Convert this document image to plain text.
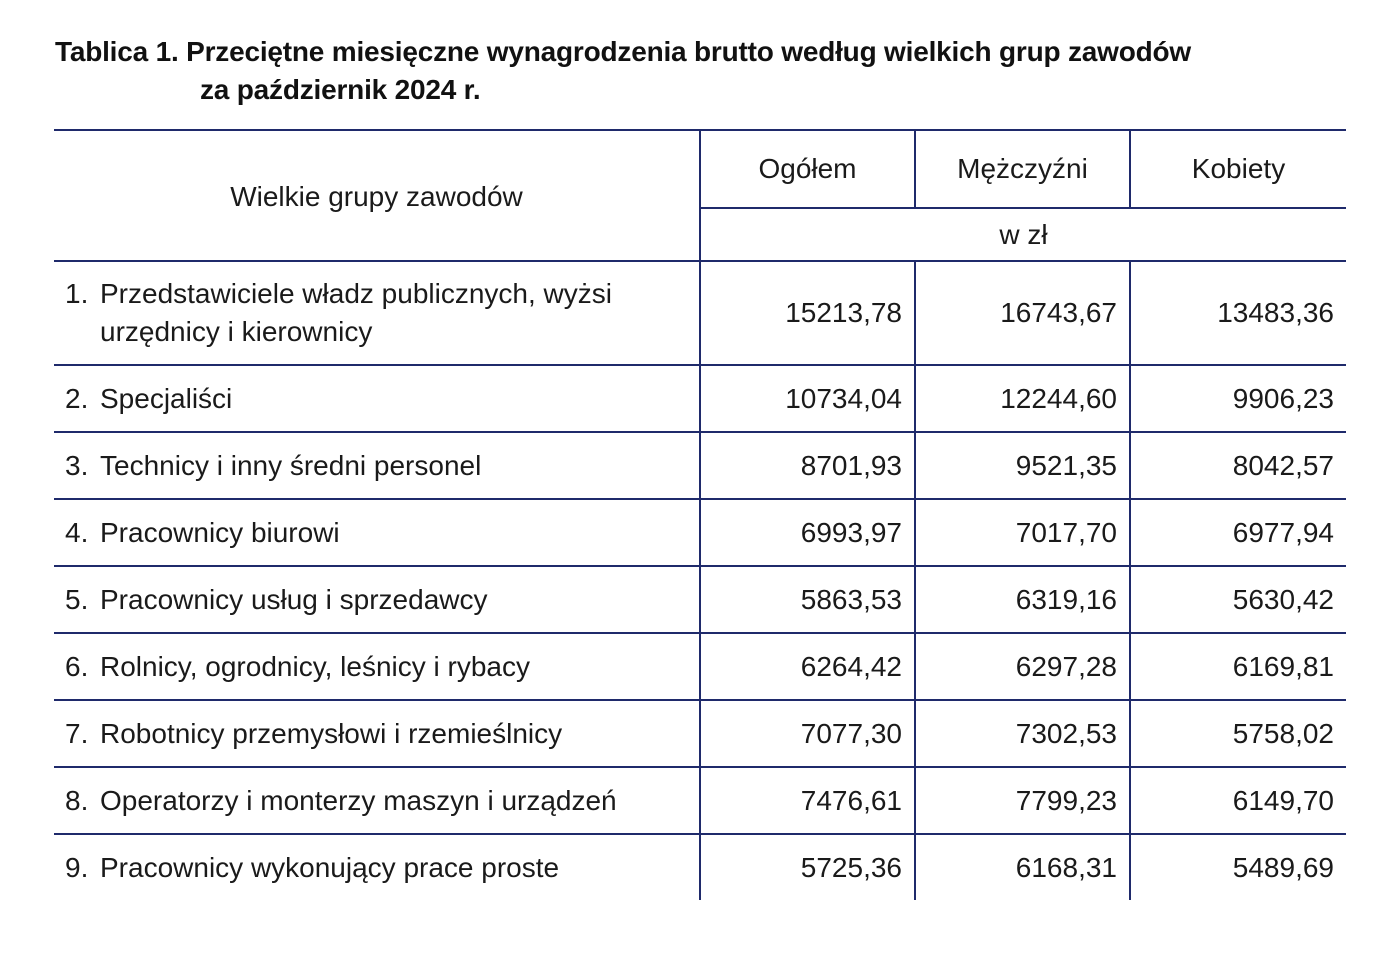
Tablica 1. Przeciętne miesięczne wynagrodzenia brutto według wielkich grup zawodów
za październik 2024 r.
Wielkie grupy zawodów	Ogółem	Mężczyźni	Kobiety
	w zł		

1. Przedstawiciele władz publicznych, wyżsi urzędnicy i kierownicy	15213,78	16743,67	13483,36

2. Specjaliści	10734,04	12244,60	9906,23

3. Technicy i inny średni personel	8701,93	9521,35	8042,57

4. Pracownicy biurowi	6993,97	7017,70	6977,94

5. Pracownicy usług i sprzedawcy	5863,53	6319,16	5630,42

6. Rolnicy, ogrodnicy, leśnicy i rybacy	6264,42	6297,28	6169,81

7. Robotnicy przemysłowi i rzemieślnicy	7077,30	7302,53	5758,02

8. Operatorzy i monterzy maszyn i urządzeń	7476,61	7799,23	6149,70

9. Pracownicy wykonujący prace proste	5725,36	6168,31	5489,69
